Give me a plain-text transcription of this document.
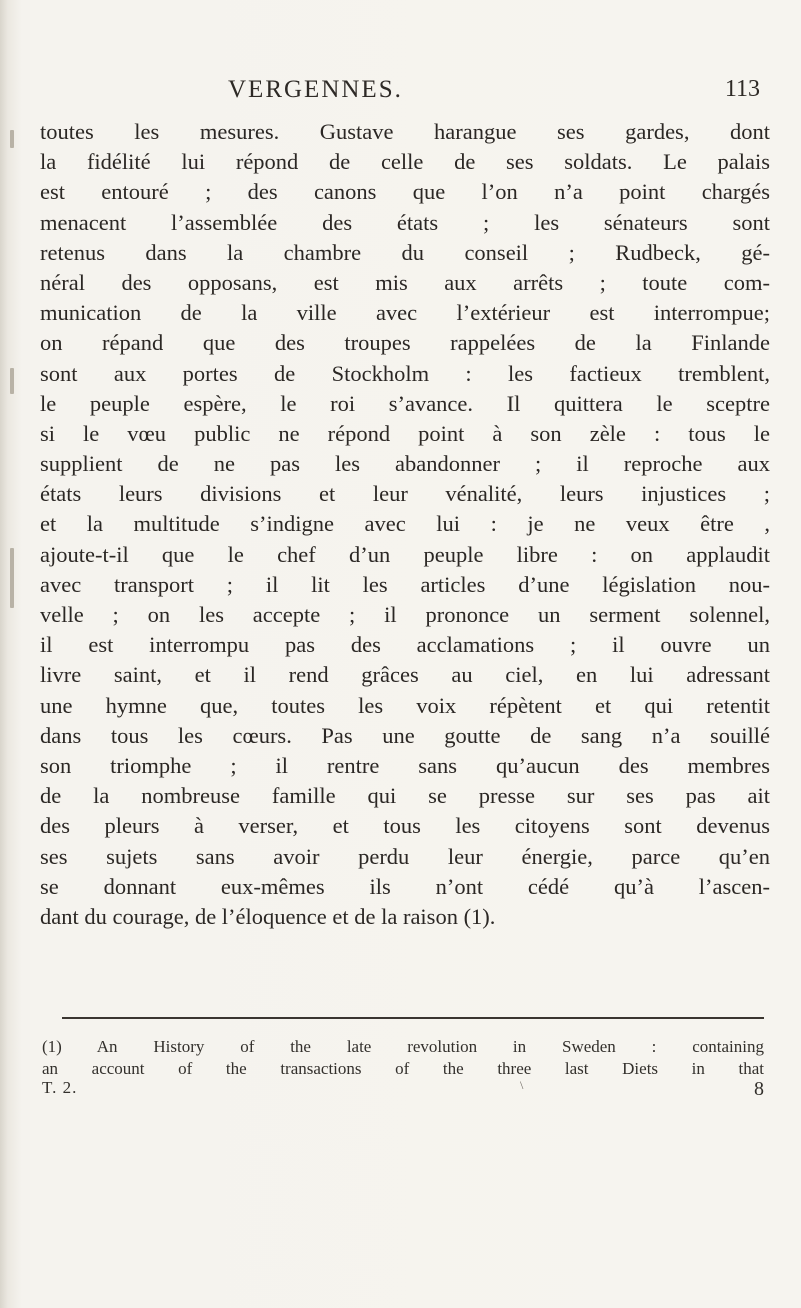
VERGENNES.	113
toutes les mesures. Gustave harangue ses gardes, dont
la fidélité lui répond de celle de ses soldats. Le palais
est entouré ; des canons que l’on n’a point chargés
menacent l’assemblée des états ; les sénateurs sont
retenus dans la chambre du conseil ; Rudbeck, gé-
néral des opposans, est mis aux arrêts ; toute com-
munication de la ville avec l’extérieur est interrompue;
on répand que des troupes rappelées de la Finlande
sont aux portes de Stockholm : les factieux tremblent,
le peuple espère, le roi s’avance. Il quittera le sceptre
si le vœu public ne répond point à son zèle : tous le
supplient de ne pas les abandonner ; il reproche aux
états leurs divisions et leur vénalité, leurs injustices ;
et la multitude s’indigne avec lui : je ne veux être ,
ajoute-t-il que le chef d’un peuple libre : on applaudit
avec transport ; il lit les articles d’une législation nou-
velle ; on les accepte ; il prononce un serment solennel,
il est interrompu pas des acclamations ; il ouvre un
livre saint, et il rend grâces au ciel, en lui adressant
une hymne que, toutes les voix répètent et qui retentit
dans tous les cœurs. Pas une goutte de sang n’a souillé
son triomphe ; il rentre sans qu’aucun des membres
de la nombreuse famille qui se presse sur ses pas ait
des pleurs à verser, et tous les citoyens sont devenus
ses sujets sans avoir perdu leur énergie, parce qu’en
se donnant eux-mêmes ils n’ont cédé qu’à l’ascen-
dant du courage, de l’éloquence et de la raison (1).
(1) An History of the late revolution in Sweden : containing
an account of the transactions of the three last Diets in that
T. 2.	\	8
